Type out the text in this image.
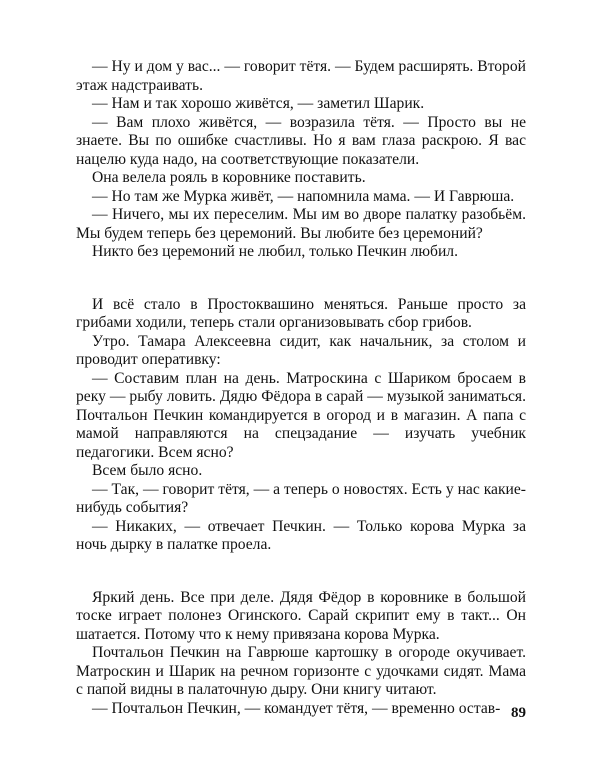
— Ну и дом у вас... — говорит тётя. — Будем расширять. Второй этаж надстраивать.

— Нам и так хорошо живётся, — заметил Шарик.

— Вам плохо живётся, — возразила тётя. — Просто вы не знаете. Вы по ошибке счастливы. Но я вам глаза раскрою. Я вас нацелю куда надо, на соответствующие показатели.

Она велела рояль в коровнике поставить.

— Но там же Мурка живёт, — напомнила мама. — И Гаврюша.

— Ничего, мы их переселим. Мы им во дворе палатку разобьём. Мы будем теперь без церемоний. Вы любите без церемоний?

Никто без церемоний не любил, только Печкин любил.

И всё стало в Простоквашино меняться. Раньше просто за грибами ходили, теперь стали организовывать сбор грибов.

Утро. Тамара Алексеевна сидит, как начальник, за столом и проводит оперативку:

— Составим план на день. Матроскина с Шариком бросаем в реку — рыбу ловить. Дядю Фёдора в сарай — музыкой заниматься. Почтальон Печкин командируется в огород и в магазин. А папа с мамой направляются на спецзадание — изучать учебник педагогики. Всем ясно?

Всем было ясно.

— Так, — говорит тётя, — а теперь о новостях. Есть у нас какие-нибудь события?

— Никаких, — отвечает Печкин. — Только корова Мурка за ночь дырку в палатке проела.

Яркий день. Все при деле. Дядя Фёдор в коровнике в большой тоске играет полонез Огинского. Сарай скрипит ему в такт... Он шатается. Потому что к нему привязана корова Мурка.

Почтальон Печкин на Гаврюше картошку в огороде окучивает. Матроскин и Шарик на речном горизонте с удочками сидят. Мама с папой видны в палаточную дыру. Они книгу читают.

— Почтальон Печкин, — командует тётя, — временно остав- 89
